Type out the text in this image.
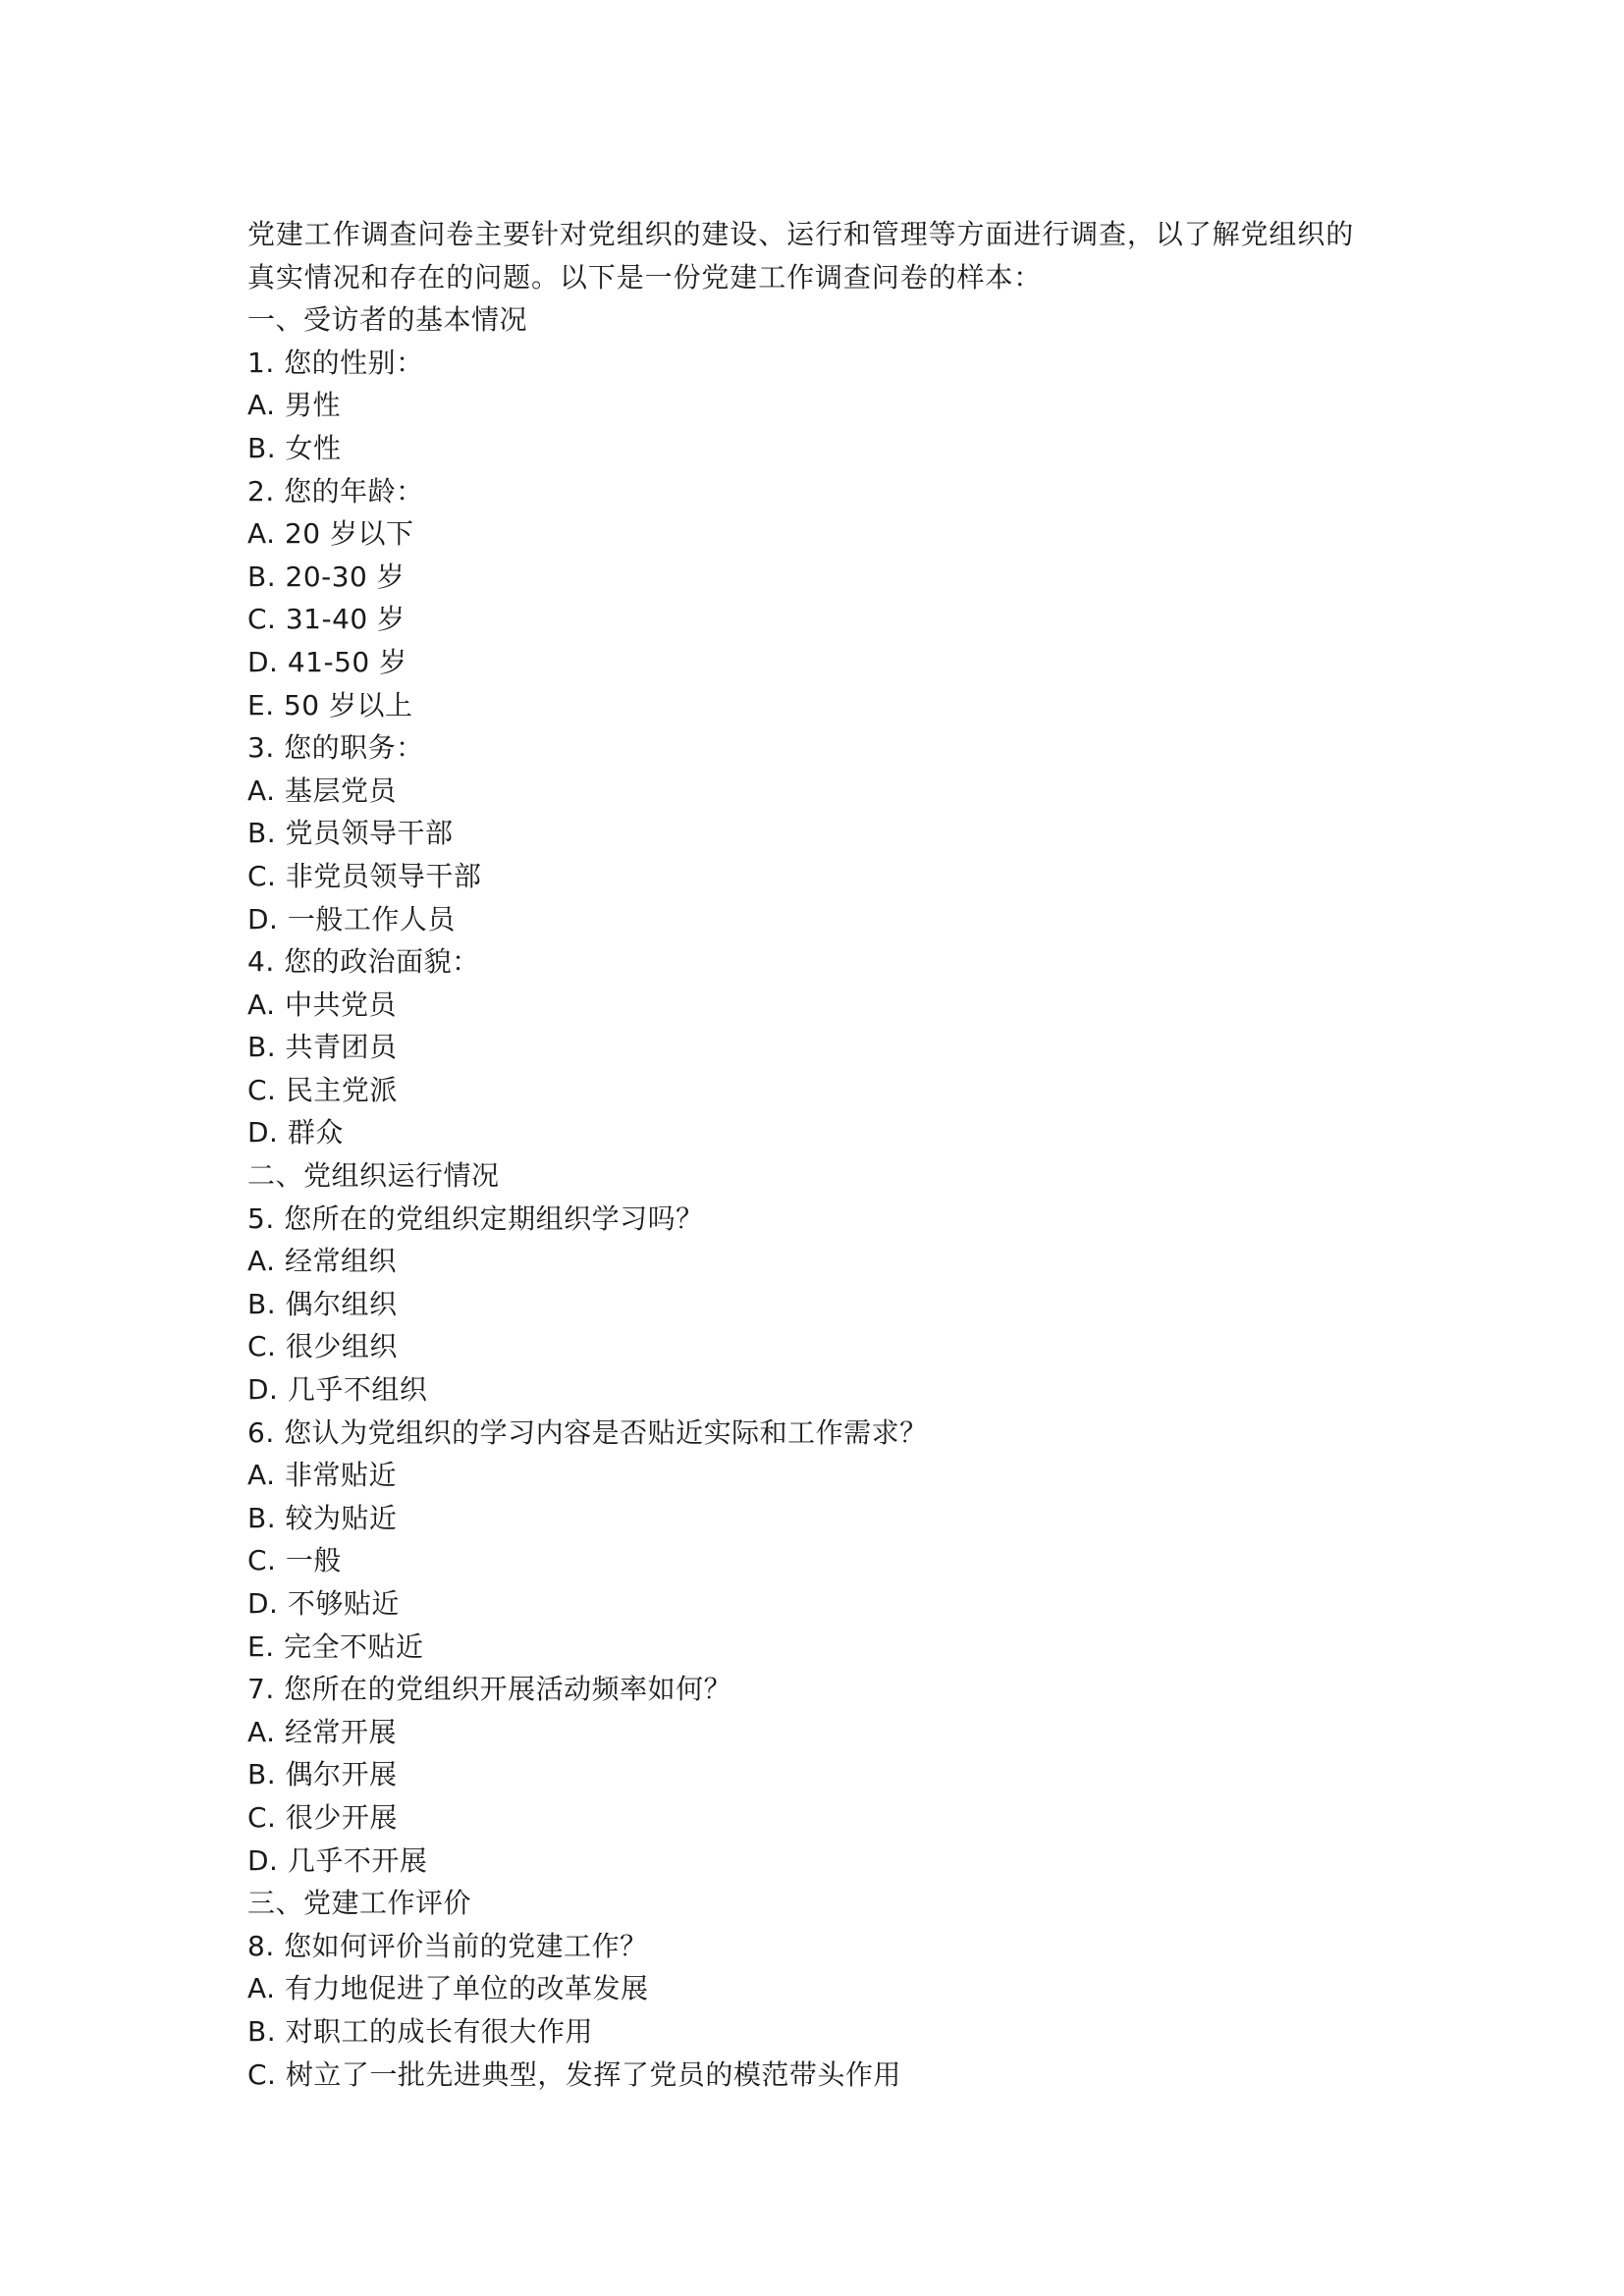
党建工作调查问卷主要针对党组织的建设、运行和管理等方面进行调查，以了解党组织的
真实情况和存在的问题。以下是一份党建工作调查问卷的样本：
一、受访者的基本情况
1. 您的性别：
A. 男性
B. 女性
2. 您的年龄：
A. 20 岁以下
B. 20-30 岁
C. 31-40 岁
D. 41-50 岁
E. 50 岁以上
3. 您的职务：
A. 基层党员
B. 党员领导干部
C. 非党员领导干部
D. 一般工作人员
4. 您的政治面貌：
A. 中共党员
B. 共青团员
C. 民主党派
D. 群众
二、党组织运行情况
5. 您所在的党组织定期组织学习吗？
A. 经常组织
B. 偶尔组织
C. 很少组织
D. 几乎不组织
6. 您认为党组织的学习内容是否贴近实际和工作需求？
A. 非常贴近
B. 较为贴近
C. 一般
D. 不够贴近
E. 完全不贴近
7. 您所在的党组织开展活动频率如何？
A. 经常开展
B. 偶尔开展
C. 很少开展
D. 几乎不开展
三、党建工作评价
8. 您如何评价当前的党建工作？
A. 有力地促进了单位的改革发展
B. 对职工的成长有很大作用
C. 树立了一批先进典型，发挥了党员的模范带头作用
